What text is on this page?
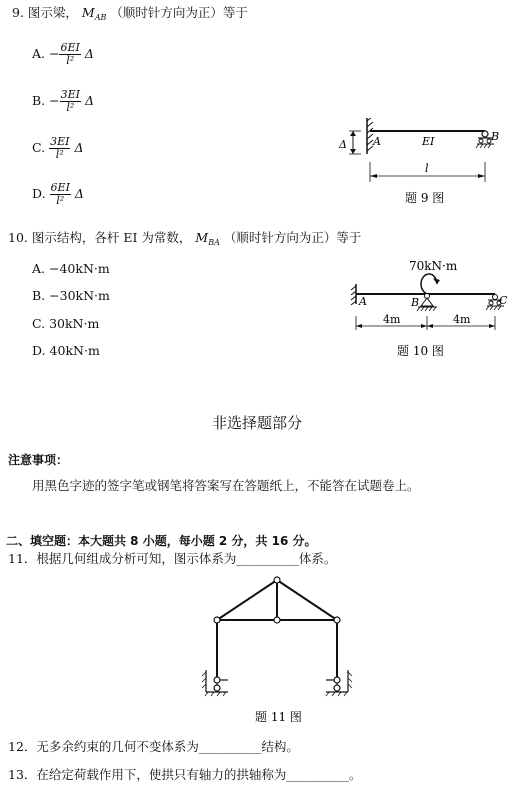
9. 图示梁， $M_{AB}$ （顺时针方向为正）等于
A. − $\frac{6EI}{\text{l²}}$ Δ
B. − $\frac{3EI}{\text{l²}}$ Δ
C. $\frac{3EI}{\text{l²}}$ Δ
D. $\frac{6EI}{\text{l²}}$ Δ
Δ A	EI	B
l
题 9 图
10. 图示结构，各杆 EI 为常数， $M_{BA}$ （顺时针方向为正）等于
A. −40kN·m
B. −30kN·m
C. 30kN·m
D. 40kN·m
70kN·m
A	B	C
4m	4m
题 10 图
非选择题部分
注意事项：
用黑色字迹的签字笔或钢笔将答案写在答题纸上，不能答在试题卷上。
二、填空题：本大题共 8 小题，每小题 2 分，共 16 分。
11．根据几何组成分析可知，图示体系为__________体系。
题 11 图
12．无多余约束的几何不变体系为__________结构。
13．在给定荷载作用下，使拱只有轴力的拱轴称为__________。
